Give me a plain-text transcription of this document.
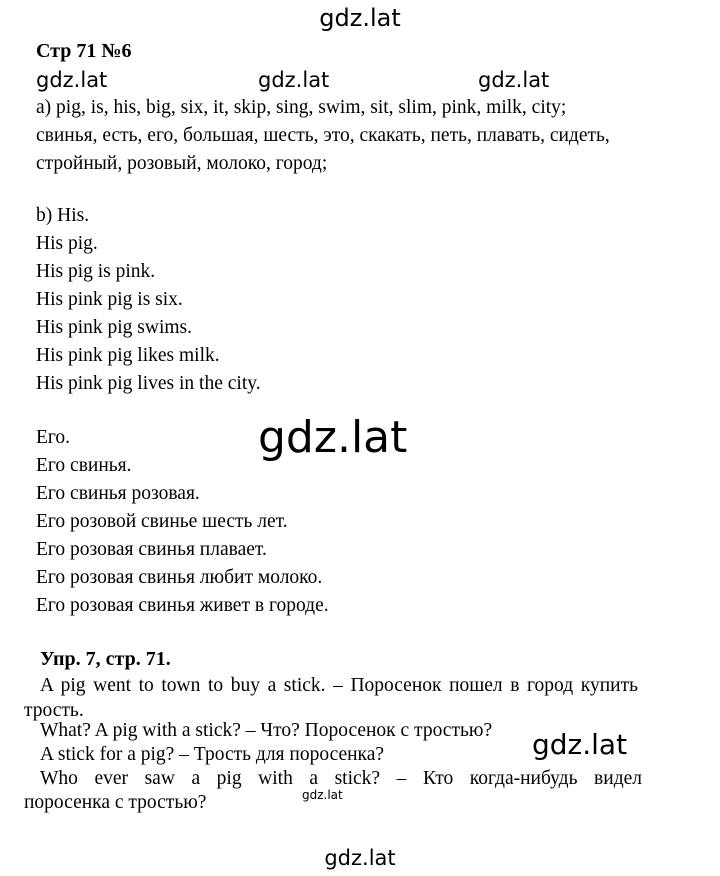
gdz.lat
gdz.lat	gdz.lat	gdz.lat
gdz.lat
gdz.lat
gdz.lat
gdz.lat
Стр 71 №6
a) pig, is, his, big, six, it, skip, sing, swim, sit, slim, pink, milk, city;
свинья, есть, его, большая, шесть, это, скакать, петь, плавать, сидеть,
стройный, розовый, молоко, город;
b) His.
His pig.
His pig is pink.
His pink pig is six.
His pink pig swims.
His pink pig likes milk.
His pink pig lives in the city.
Его.
Его свинья.
Его свинья розовая.
Его розовой свинье шесть лет.
Его розовая свинья плавает.
Его розовая свинья любит молоко.
Его розовая свинья живет в городе.
Упр. 7, стр. 71.
A pig went to town to buy a stick. – Поросенок пошел в город купить
трость.
What? A pig with a stick? – Что? Поросенок с тростью?
A stick for a pig? – Трость для поросенка?
Who ever saw a pig with a stick? – Кто когда-нибудь видел
поросенка с тростью?
